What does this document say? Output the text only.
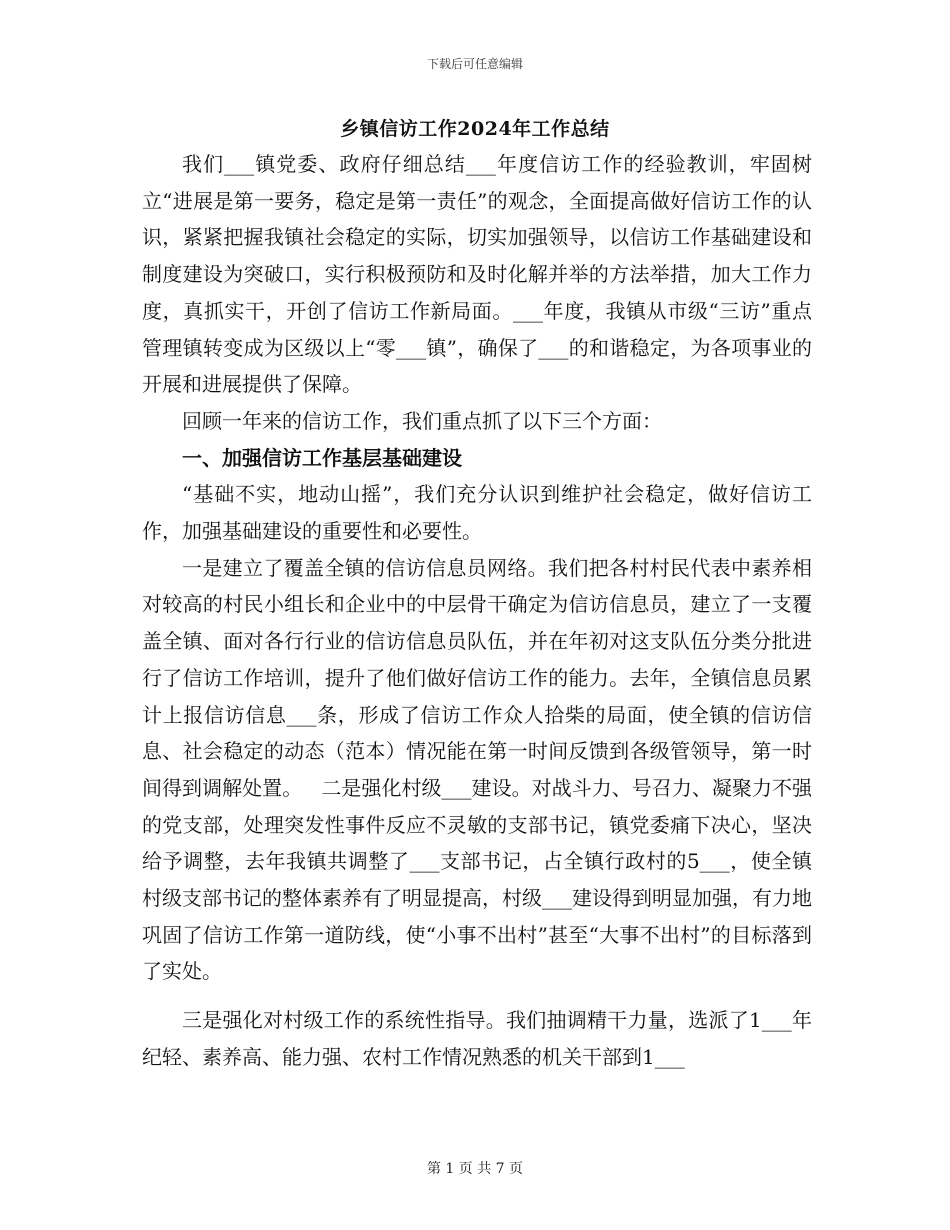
下载后可任意编辑
乡镇信访工作2024年工作总结

我们___镇党委、政府仔细总结___年度信访工作的经验教训，牢固树立“进展是第一要务，稳定是第一责任”的观念，全面提高做好信访工作的认识，紧紧把握我镇社会稳定的实际，切实加强领导，以信访工作基础建设和制度建设为突破口，实行积极预防和及时化解并举的方法举措，加大工作力度，真抓实干，开创了信访工作新局面。___年度，我镇从市级“三访”重点管理镇转变成为区级以上“零___镇”，确保了___的和谐稳定，为各项事业的开展和进展提供了保障。

回顾一年来的信访工作，我们重点抓了以下三个方面：

一、加强信访工作基层基础建设

“基础不实，地动山摇”，我们充分认识到维护社会稳定，做好信访工作，加强基础建设的重要性和必要性。

一是建立了覆盖全镇的信访信息员网络。我们把各村村民代表中素养相对较高的村民小组长和企业中的中层骨干确定为信访信息员，建立了一支覆盖全镇、面对各行行业的信访信息员队伍，并在年初对这支队伍分类分批进行了信访工作培训，提升了他们做好信访工作的能力。去年，全镇信息员累计上报信访信息___条，形成了信访工作众人拾柴的局面，使全镇的信访信息、社会稳定的动态（范本）情况能在第一时间反馈到各级管领导，第一时间得到调解处置。   二是强化村级___建设。对战斗力、号召力、凝聚力不强的党支部，处理突发性事件反应不灵敏的支部书记，镇党委痛下决心，坚决给予调整，去年我镇共调整了___支部书记，占全镇行政村的5___，使全镇村级支部书记的整体素养有了明显提高，村级___建设得到明显加强，有力地巩固了信访工作第一道防线，使“小事不出村”甚至“大事不出村”的目标落到了实处。

三是强化对村级工作的系统性指导。我们抽调精干力量，选派了1___年纪轻、素养高、能力强、农村工作情况熟悉的机关干部到1___

第 1 页 共 7 页
